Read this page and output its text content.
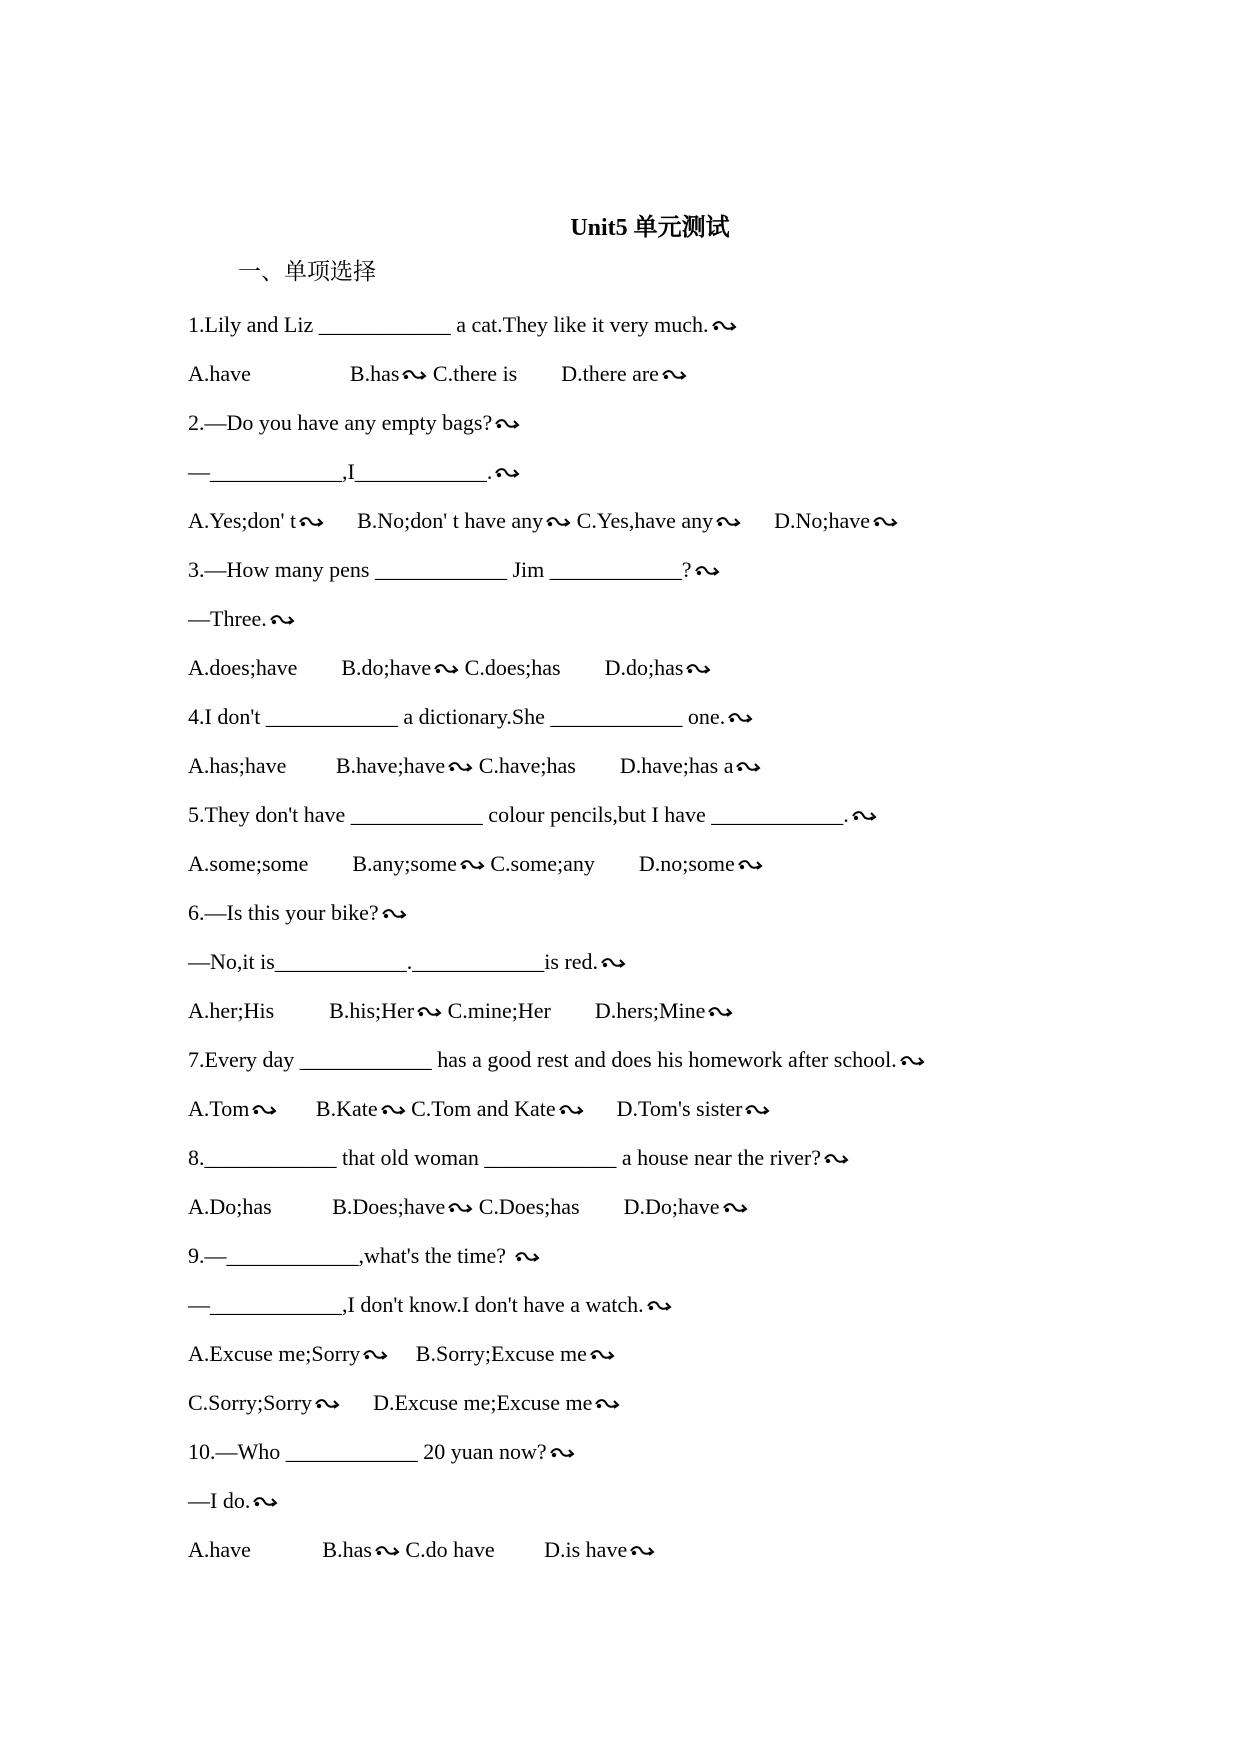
Unit5 单元测试
一、单项选择
1.Lily and Liz ____________ a cat.They like it very much.
A.have                  B.has
C.there is        D.there are
2.—Do you have any empty bags?
—____________,I____________.
A.Yes;don' t
B.No;don' t have any
C.Yes,have any
D.No;have
3.—How many pens ____________ Jim ____________?
—Three.
A.does;have        B.do;have
C.does;has        D.do;has
4.I don't ____________ a dictionary.She ____________ one.
A.has;have         B.have;have
C.have;has        D.have;has a
5.They don't have ____________ colour pencils,but I have ____________.
A.some;some        B.any;some
C.some;any        D.no;some
6.—Is this your bike?
—No,it is____________.____________is red.
A.her;His          B.his;Her
C.mine;Her        D.hers;Mine
7.Every day ____________ has a good rest and does his homework after school.
A.Tom
B.Kate
C.Tom and Kate
D.Tom's sister
8.____________ that old woman ____________ a house near the river?
A.Do;has           B.Does;have
C.Does;has        D.Do;have
9.—____________,what's the time?
—____________,I don't know.I don't have a watch.
A.Excuse me;Sorry
B.Sorry;Excuse me
C.Sorry;Sorry
D.Excuse me;Excuse me
10.—Who ____________ 20 yuan now?
—I do.
A.have             B.has
C.do have         D.is have
